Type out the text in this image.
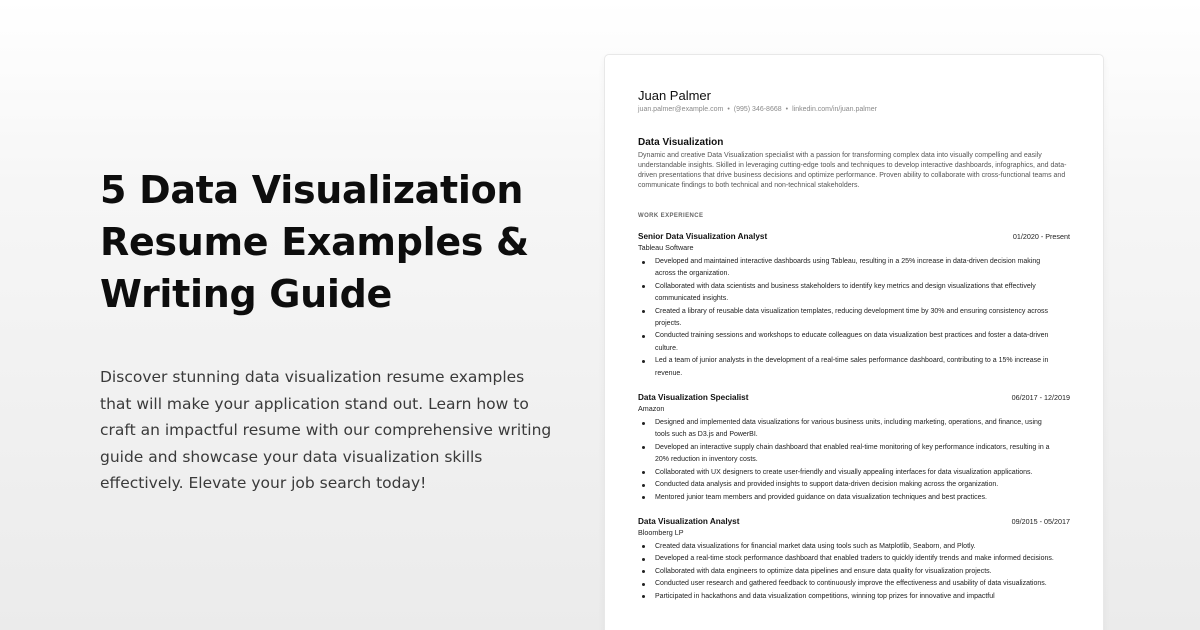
5 Data Visualization
Resume Examples &
Writing Guide

Discover stunning data visualization resume examples that will make your application stand out. Learn how to craft an impactful resume with our comprehensive writing guide and showcase your data visualization skills effectively. Elevate your job search today!

Juan Palmer
juan.palmer@example.com • (995) 346-8668 • linkedin.com/in/juan.palmer
Data Visualization

Dynamic and creative Data Visualization specialist with a passion for transforming complex data into visually compelling and easily understandable insights. Skilled in leveraging cutting-edge tools and techniques to develop interactive dashboards, infographics, and data-driven presentations that drive business decisions and optimize performance. Proven ability to collaborate with cross-functional teams and communicate findings to both technical and non-technical stakeholders.

WORK EXPERIENCE
Senior Data Visualization Analyst	01/2020 - Present
Tableau Software
Developed and maintained interactive dashboards using Tableau, resulting in a 25% increase in data-driven decision making across the organization.
Collaborated with data scientists and business stakeholders to identify key metrics and design visualizations that effectively communicated insights.
Created a library of reusable data visualization templates, reducing development time by 30% and ensuring consistency across projects.
Conducted training sessions and workshops to educate colleagues on data visualization best practices and foster a data-driven culture.
Led a team of junior analysts in the development of a real-time sales performance dashboard, contributing to a 15% increase in revenue.
Data Visualization Specialist	06/2017 - 12/2019
Amazon
Designed and implemented data visualizations for various business units, including marketing, operations, and finance, using tools such as D3.js and PowerBI.
Developed an interactive supply chain dashboard that enabled real-time monitoring of key performance indicators, resulting in a 20% reduction in inventory costs.
Collaborated with UX designers to create user-friendly and visually appealing interfaces for data visualization applications.
Conducted data analysis and provided insights to support data-driven decision making across the organization.
Mentored junior team members and provided guidance on data visualization techniques and best practices.
Data Visualization Analyst	09/2015 - 05/2017
Bloomberg LP
Created data visualizations for financial market data using tools such as Matplotlib, Seaborn, and Plotly.
Developed a real-time stock performance dashboard that enabled traders to quickly identify trends and make informed decisions.
Collaborated with data engineers to optimize data pipelines and ensure data quality for visualization projects.
Conducted user research and gathered feedback to continuously improve the effectiveness and usability of data visualizations.
Participated in hackathons and data visualization competitions, winning top prizes for innovative and impactful
